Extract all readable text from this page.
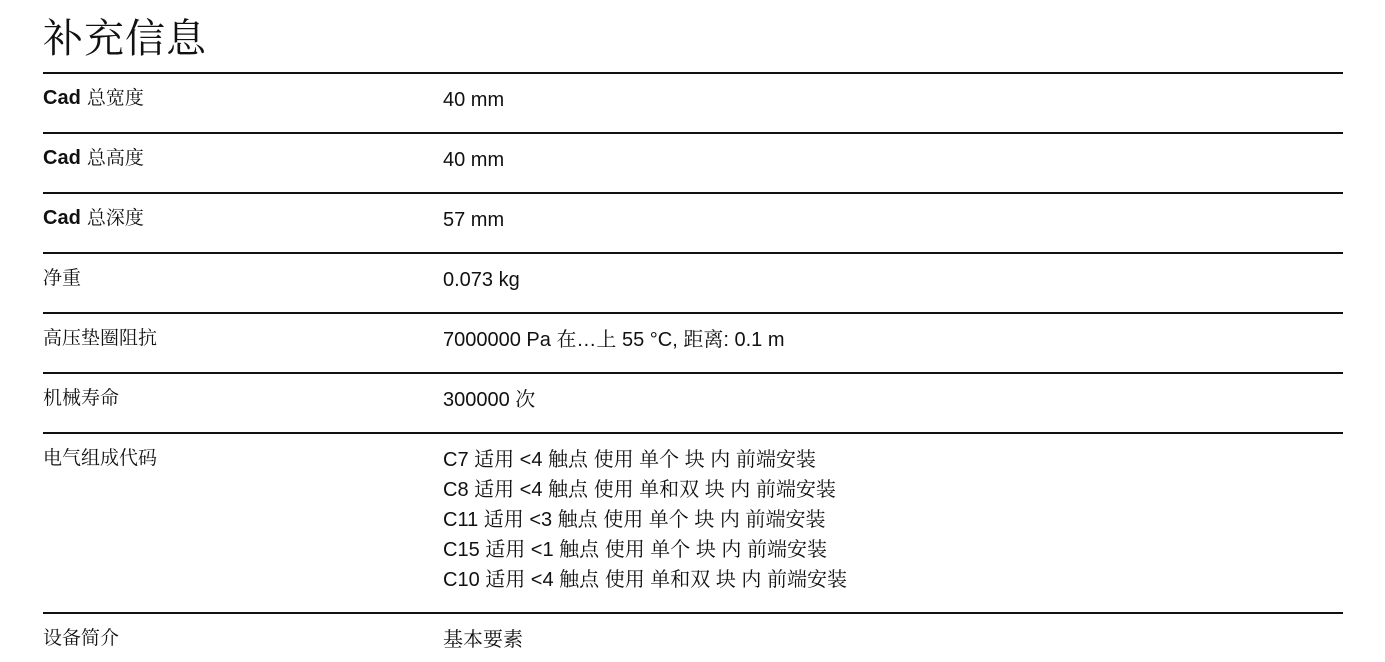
补充信息
Cad 总宽度	40 mm
Cad 总高度	40 mm
Cad 总深度	57 mm
净重	0.073 kg
高压垫圈阻抗	7000000 Pa 在…上 55 °C, 距离: 0.1 m
机械寿命	300000 次
电气组成代码	C7 适用 <4 触点 使用 单个 块 内 前端安装
C8 适用 <4 触点 使用 单和双 块 内 前端安装
C11 适用 <3 触点 使用 单个 块 内 前端安装
C15 适用 <1 触点 使用 单个 块 内 前端安装
C10 适用 <4 触点 使用 单和双 块 内 前端安装
设备简介	基本要素
